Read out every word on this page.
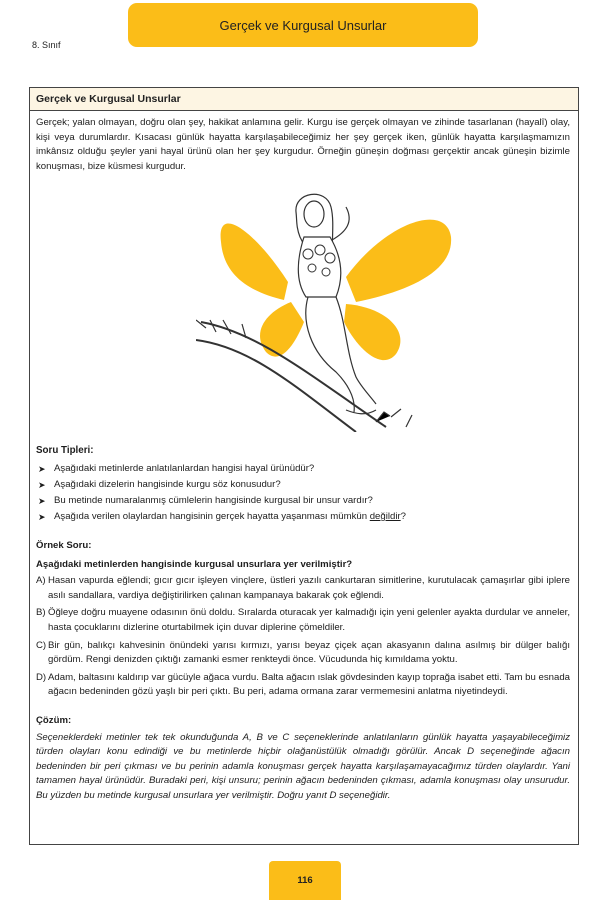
Gerçek ve Kurgusal Unsurlar
8. Sınıf
Gerçek ve Kurgusal Unsurlar

Gerçek; yalan olmayan, doğru olan şey, hakikat anlamına gelir. Kurgu ise gerçek olmayan ve zihinde tasarlanan (hayalî) olay, kişi veya durumlardır. Kısacası günlük hayatta karşılaşabileceğimiz her şey gerçek iken, günlük hayatta karşılaşmamızın imkânsız olduğu şeyler yani hayal ürünü olan her şey kurgudur. Örneğin güneşin doğması gerçektir ancak güneşin bizimle konuşması, bize küsmesi kurgudur.

Soru Tipleri:
➤ Aşağıdaki metinlerde anlatılanlardan hangisi hayal ürünüdür?
➤ Aşağıdaki dizelerin hangisinde kurgu söz konusudur?
➤ Bu metinde numaralanmış cümlelerin hangisinde kurgusal bir unsur vardır?
➤ Aşağıda verilen olaylardan hangisinin gerçek hayatta yaşanması mümkün değildir?
Örnek Soru:

Aşağıdaki metinlerden hangisinde kurgusal unsurlara yer verilmiştir?

A) Hasan vapurda eğlendi; gıcır gıcır işleyen vinçlere, üstleri yazılı cankurtaran simitlerine, kurutulacak çamaşırlar gibi iplere asılı sandallara, vardiya değiştirilirken çalınan kampanaya bakarak çok eğlendi.

B) Öğleye doğru muayene odasının önü doldu. Sıralarda oturacak yer kalmadığı için yeni gelenler ayakta durdular ve anneler, hasta çocuklarını dizlerine oturtabilmek için duvar diplerine çömeldiler.

C) Bir gün, balıkçı kahvesinin önündeki yarısı kırmızı, yarısı beyaz çiçek açan akasyanın dalına asılmış bir dülger balığı gördüm. Rengi denizden çıktığı zamanki esmer renkteydi önce. Vücudunda hiç kımıldama yoktu.

D) Adam, baltasını kaldırıp var gücüyle ağaca vurdu. Balta ağacın ıslak gövdesinden kayıp toprağa isabet etti. Tam bu esnada ağacın bedeninden gözü yaşlı bir peri çıktı. Bu peri, adama ormana zarar vermemesini anlatma niyetindeydi.

Çözüm:

Seçeneklerdeki metinler tek tek okunduğunda A, B ve C seçeneklerinde anlatılanların günlük hayatta yaşayabileceğimiz türden olayları konu edindiği ve bu metinlerde hiçbir olağanüstülük olmadığı görülür. Ancak D seçeneğinde ağacın bedeninden bir peri çıkması ve bu perinin adamla konuşması gerçek hayatta karşılaşamayacağımız türden olaylardır. Yani tamamen hayal ürünüdür. Buradaki peri, kişi unsuru; perinin ağacın bedeninden çıkması, adamla konuşması olay unsurudur. Bu yüzden bu metinde kurgusal unsurlara yer verilmiştir. Doğru yanıt D seçeneğidir.

116
